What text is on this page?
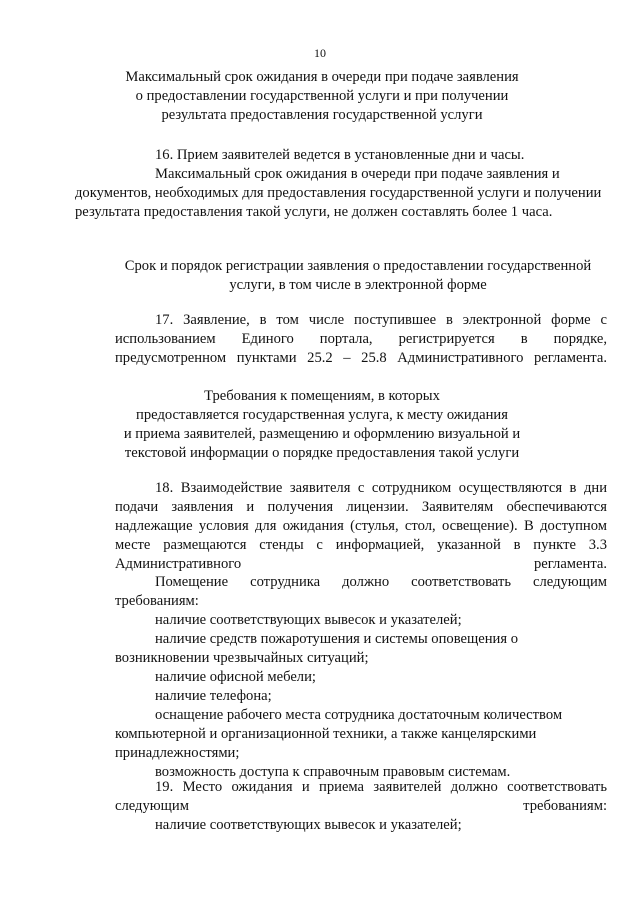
10
Максимальный срок ожидания в очереди при подаче заявления
о предоставлении государственной услуги и при получении
результата предоставления государственной услуги
16. Прием заявителей ведется в установленные дни и часы.
Максимальный срок ожидания в очереди при подаче заявления и документов, необходимых для предоставления государственной услуги и получении результата предоставления такой услуги, не должен составлять более 1 часа.
Срок и порядок регистрации заявления о предоставлении государственной
услуги, в том числе в электронной форме
17. Заявление, в том числе поступившее в электронной форме с использованием Единого портала, регистрируется в порядке, предусмотренном пунктами 25.2 – 25.8 Административного регламента.
Требования к помещениям, в которых
предоставляется государственная услуга, к месту ожидания
и приема заявителей, размещению и оформлению визуальной и
текстовой информации о порядке предоставления такой услуги
18. Взаимодействие заявителя с сотрудником осуществляются в дни подачи заявления и получения лицензии. Заявителям обеспечиваются надлежащие условия для ожидания (стулья, стол, освещение). В доступном месте размещаются стенды с информацией, указанной в пункте 3.3 Административного регламента.
Помещение сотрудника должно соответствовать следующим требованиям:
наличие соответствующих вывесок и указателей;
наличие средств пожаротушения и системы оповещения о возникновении чрезвычайных ситуаций;
наличие офисной мебели;
наличие телефона;
оснащение рабочего места сотрудника достаточным количеством компьютерной и организационной техники, а также канцелярскими принадлежностями;
возможность доступа к справочным правовым системам.
19. Место ожидания и приема заявителей должно соответствовать следующим требованиям:
наличие соответствующих вывесок и указателей;
